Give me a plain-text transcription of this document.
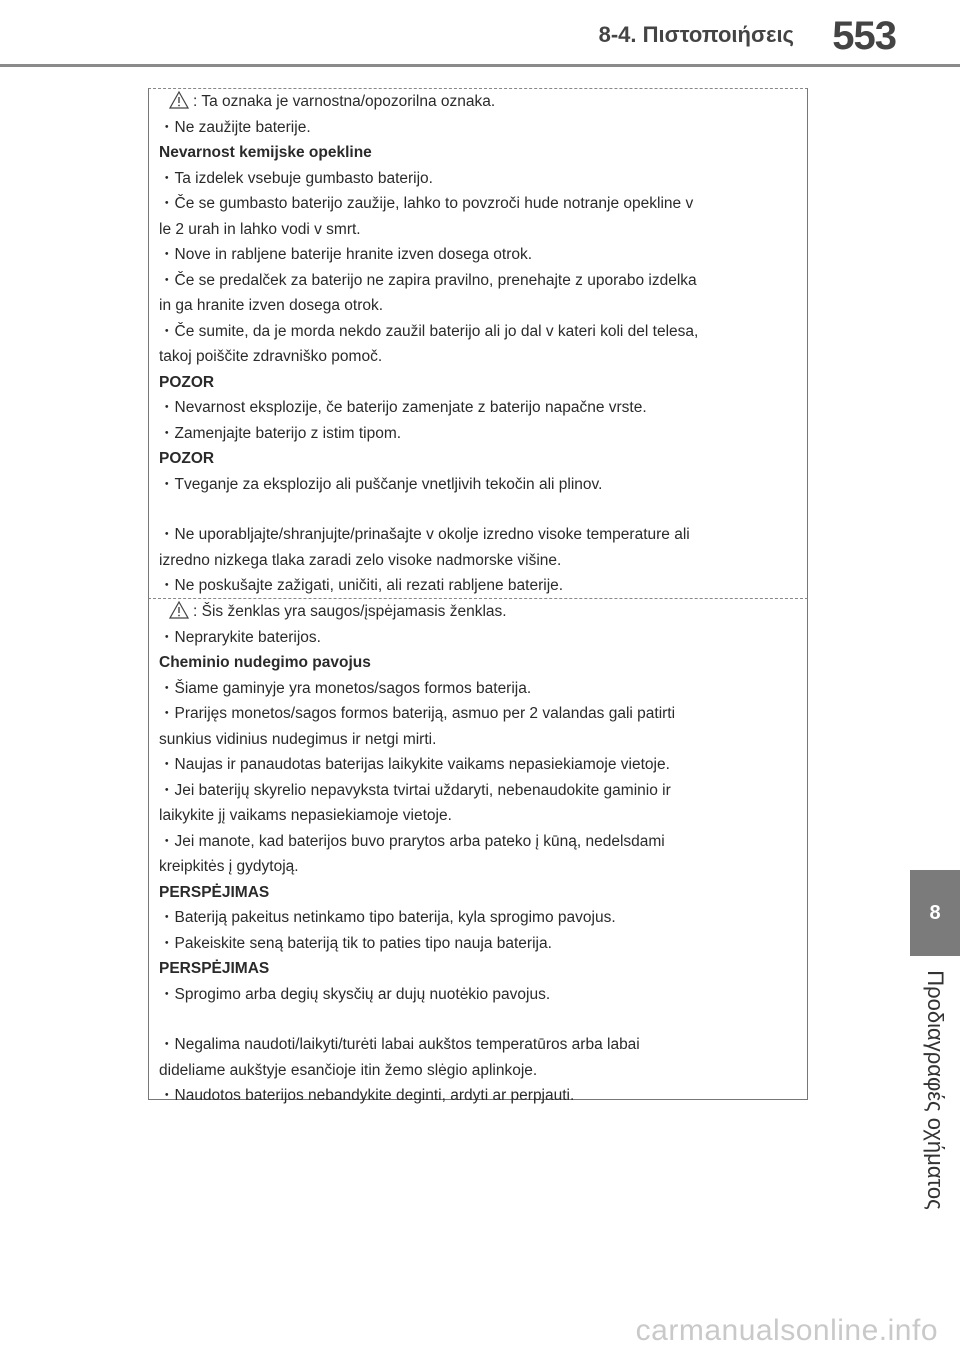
8-4. Πιστοποιήσεις 553
8
Προδιαγραφές οχήματος
: Ta oznaka je varnostna/opozorilna oznaka.
・Ne zaužijte baterije.
Nevarnost kemijske opekline
・Ta izdelek vsebuje gumbasto baterijo.
・Če se gumbasto baterijo zaužije, lahko to povzroči hude notranje opekline v
le 2 urah in lahko vodi v smrt.
・Nove in rabljene baterije hranite izven dosega otrok.
・Če se predalček za baterijo ne zapira pravilno, prenehajte z uporabo izdelka
in ga hranite izven dosega otrok.
・Če sumite, da je morda nekdo zaužil baterijo ali jo dal v kateri koli del telesa,
takoj poiščite zdravniško pomoč.
POZOR
・Nevarnost eksplozije, če baterijo zamenjate z baterijo napačne vrste.
・Zamenjajte baterijo z istim tipom.
POZOR
・Tveganje za eksplozijo ali puščanje vnetljivih tekočin ali plinov.
・Ne uporabljajte/shranjujte/prinašajte v okolje izredno visoke temperature ali
izredno nizkega tlaka zaradi zelo visoke nadmorske višine.
・Ne poskušajte zažigati, uničiti, ali rezati rabljene baterije.
: Šis ženklas yra saugos/įspėjamasis ženklas.
・Neprarykite baterijos.
Cheminio nudegimo pavojus
・Šiame gaminyje yra monetos/sagos formos baterija.
・Prarijęs monetos/sagos formos bateriją, asmuo per 2 valandas gali patirti
sunkius vidinius nudegimus ir netgi mirti.
・Naujas ir panaudotas baterijas laikykite vaikams nepasiekiamoje vietoje.
・Jei baterijų skyrelio nepavyksta tvirtai uždaryti, nebenaudokite gaminio ir
laikykite jį vaikams nepasiekiamoje vietoje.
・Jei manote, kad baterijos buvo prarytos arba pateko į kūną, nedelsdami
kreipkitės į gydytoją.
PERSPĖJIMAS
・Bateriją pakeitus netinkamo tipo baterija, kyla sprogimo pavojus.
・Pakeiskite seną bateriją tik to paties tipo nauja baterija.
PERSPĖJIMAS
・Sprogimo arba degių skysčių ar dujų nuotėkio pavojus.
・Negalima naudoti/laikyti/turėti labai aukštos temperatūros arba labai
dideliame aukštyje esančioje itin žemo slėgio aplinkoje.
・Naudotos baterijos nebandykite deginti, ardyti ar perpjauti.
carmanualsonline.info
